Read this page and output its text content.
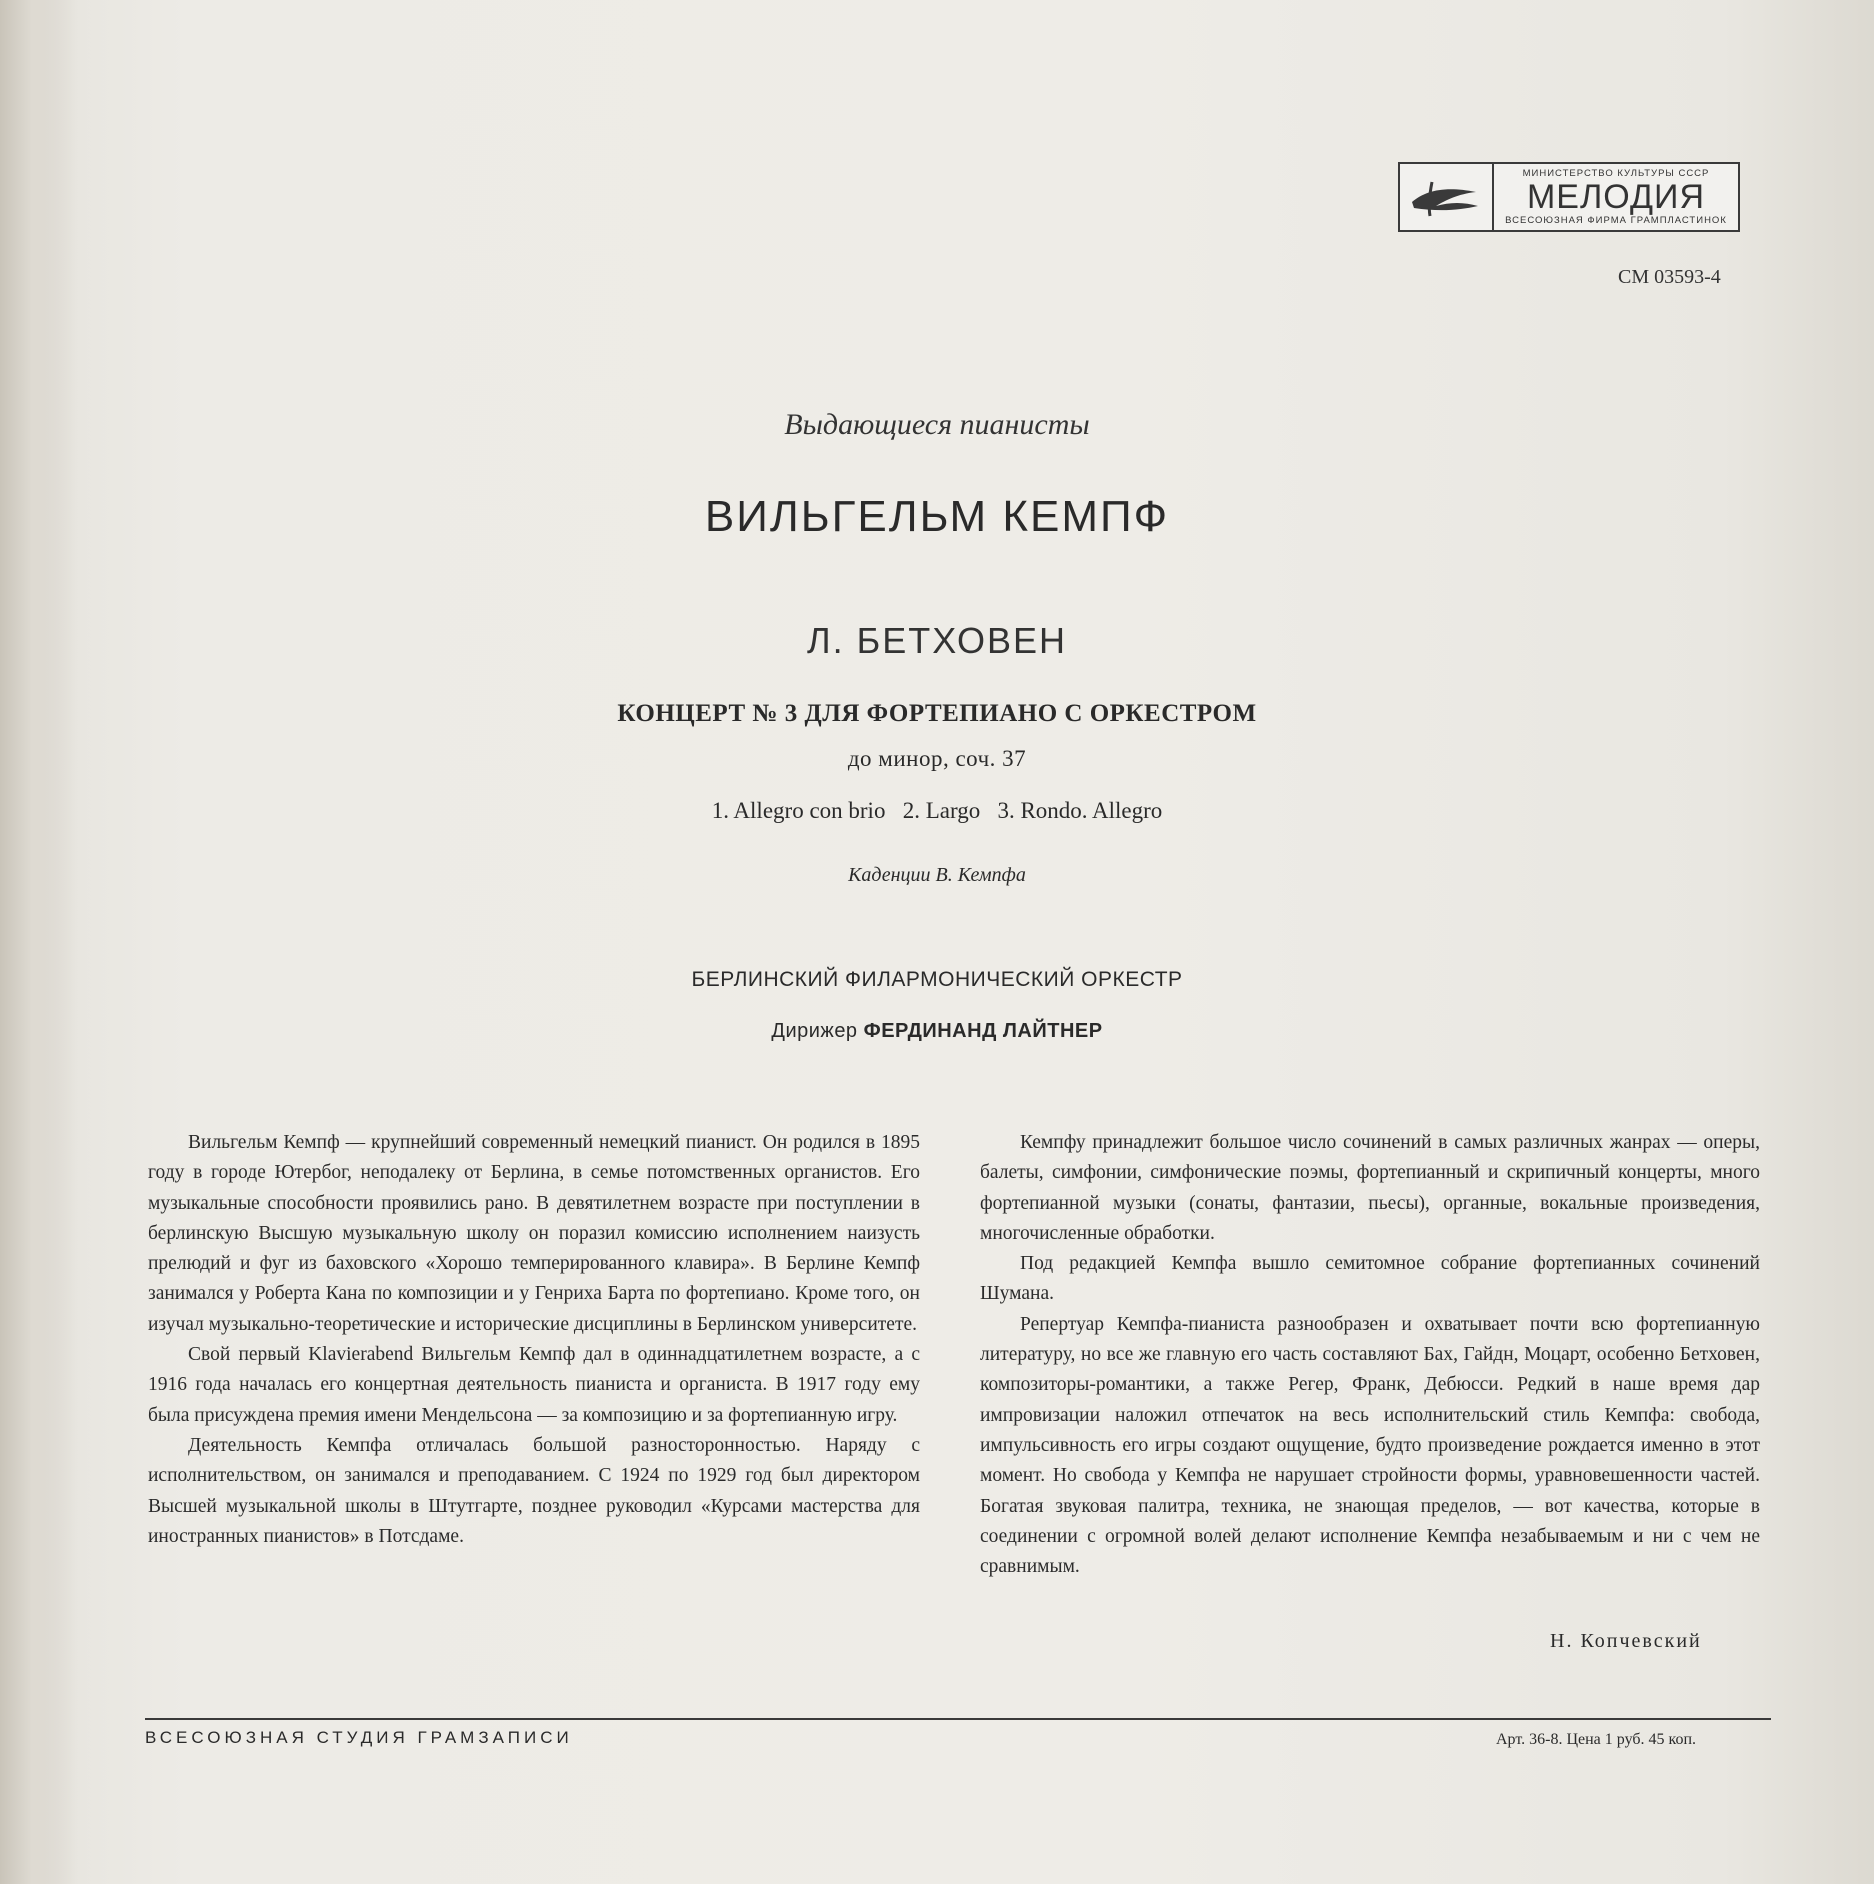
МИНИСТЕРСТВО КУЛЬТУРЫ СССР
МЕЛОДИЯ
ВСЕСОЮЗНАЯ ФИРМА ГРАМПЛАСТИНОК
СМ 03593-4
Выдающиеся пианисты
ВИЛЬГЕЛЬМ КЕМПФ
Л. БЕТХОВЕН
КОНЦЕРТ № 3 ДЛЯ ФОРТЕПИАНО С ОРКЕСТРОМ
до минор, соч. 37
1. Allegro con brio   2. Largo   3. Rondo. Allegro
Каденции В. Кемпфа
БЕРЛИНСКИЙ ФИЛАРМОНИЧЕСКИЙ ОРКЕСТР
Дирижер ФЕРДИНАНД ЛАЙТНЕР

Вильгельм Кемпф — крупнейший современный немецкий пианист. Он родился в 1895 году в городе Ютербог, неподалеку от Берлина, в семье потомственных органистов. Его музыкальные способности проявились рано. В девятилетнем возрасте при поступлении в берлинскую Высшую музыкальную школу он поразил комиссию исполнением наизусть прелюдий и фуг из баховского «Хорошо темперированного клавира». В Берлине Кемпф занимался у Роберта Кана по композиции и у Генриха Барта по фортепиано. Кроме того, он изучал музыкально-теоретические и исторические дисциплины в Берлинском университете.

Свой первый Klavierabend Вильгельм Кемпф дал в одиннадцатилетнем возрасте, а с 1916 года началась его концертная деятельность пианиста и органиста. В 1917 году ему была присуждена премия имени Мендельсона — за композицию и за фортепианную игру.

Деятельность Кемпфа отличалась большой разносторонностью. Наряду с исполнительством, он занимался и преподаванием. С 1924 по 1929 год был директором Высшей музыкальной школы в Штутгарте, позднее руководил «Курсами мастерства для иностранных пианистов» в Потсдаме.

Кемпфу принадлежит большое число сочинений в самых различных жанрах — оперы, балеты, симфонии, симфонические поэмы, фортепианный и скрипичный концерты, много фортепианной музыки (сонаты, фантазии, пьесы), органные, вокальные произведения, многочисленные обработки.

Под редакцией Кемпфа вышло семитомное собрание фортепианных сочинений Шумана.

Репертуар Кемпфа-пианиста разнообразен и охватывает почти всю фортепианную литературу, но все же главную его часть составляют Бах, Гайдн, Моцарт, особенно Бетховен, композиторы-романтики, а также Регер, Франк, Дебюсси. Редкий в наше время дар импровизации наложил отпечаток на весь исполнительский стиль Кемпфа: свобода, импульсивность его игры создают ощущение, будто произведение рождается именно в этот момент. Но свобода у Кемпфа не нарушает стройности формы, уравновешенности частей. Богатая звуковая палитра, техника, не знающая пределов, — вот качества, которые в соединении с огромной волей делают исполнение Кемпфа незабываемым и ни с чем не сравнимым.

Н. Копчевский
ВСЕСОЮЗНАЯ СТУДИЯ ГРАМЗАПИСИ	Арт. 36-8. Цена 1 руб. 45 коп.
